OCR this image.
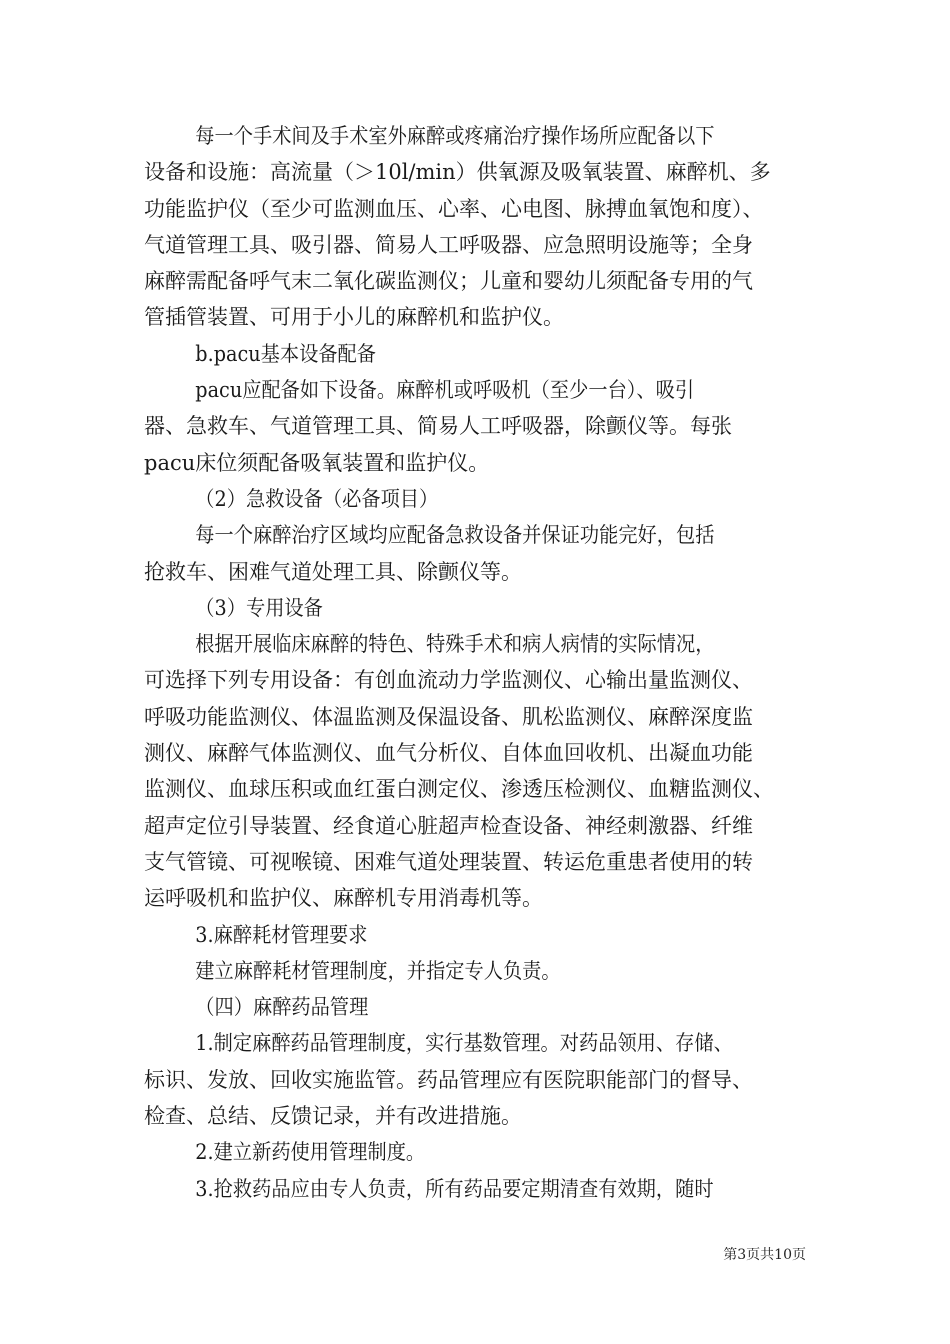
每一个手术间及手术室外麻醉或疼痛治疗操作场所应配备以下
设备和设施：高流量（＞10l/min）供氧源及吸氧装置、麻醉机、多
功能监护仪（至少可监测血压、心率、心电图、脉搏血氧饱和度）、
气道管理工具、吸引器、简易人工呼吸器、应急照明设施等；全身
麻醉需配备呼气末二氧化碳监测仪；儿童和婴幼儿须配备专用的气
管插管装置、可用于小儿的麻醉机和监护仪。
b.pacu基本设备配备
pacu应配备如下设备。麻醉机或呼吸机（至少一台）、吸引
器、急救车、气道管理工具、简易人工呼吸器，除颤仪等。每张
pacu床位须配备吸氧装置和监护仪。
（2）急救设备（必备项目）
每一个麻醉治疗区域均应配备急救设备并保证功能完好，包括
抢救车、困难气道处理工具、除颤仪等。
（3）专用设备
根据开展临床麻醉的特色、特殊手术和病人病情的实际情况，
可选择下列专用设备：有创血流动力学监测仪、心输出量监测仪、
呼吸功能监测仪、体温监测及保温设备、肌松监测仪、麻醉深度监
测仪、麻醉气体监测仪、血气分析仪、自体血回收机、出凝血功能
监测仪、血球压积或血红蛋白测定仪、渗透压检测仪、血糖监测仪、
超声定位引导装置、经食道心脏超声检查设备、神经刺激器、纤维
支气管镜、可视喉镜、困难气道处理装置、转运危重患者使用的转
运呼吸机和监护仪、麻醉机专用消毒机等。
3.麻醉耗材管理要求
建立麻醉耗材管理制度，并指定专人负责。
（四）麻醉药品管理
1.制定麻醉药品管理制度，实行基数管理。对药品领用、存储、
标识、发放、回收实施监管。药品管理应有医院职能部门的督导、
检查、总结、反馈记录，并有改进措施。
2.建立新药使用管理制度。
3.抢救药品应由专人负责，所有药品要定期清查有效期，随时
第3页共10页
